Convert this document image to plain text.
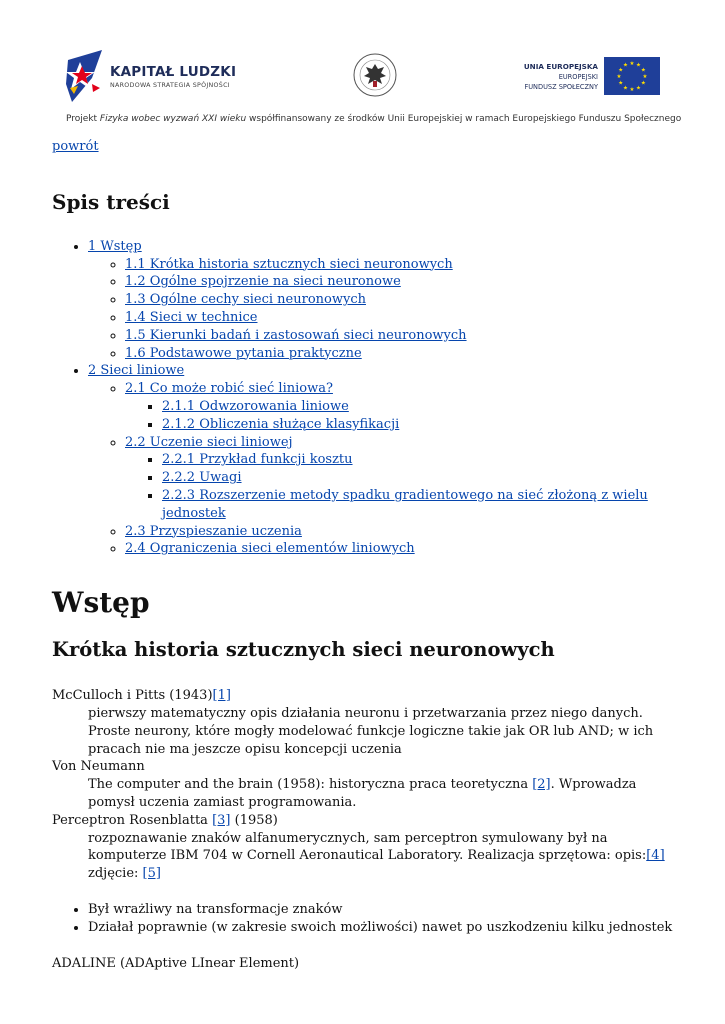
KAPITAŁ LUDZKI
NARODOWA STRATEGIA SPÓJNOŚCI
UNIA EUROPEJSKA
EUROPEJSKI
FUNDUSZ SPOŁECZNY
★ ★
★
★
★
★
★
★
★
★
★
★
Projekt Fizyka wobec wyzwań XXI wieku współfinansowany ze środków Unii Europejskiej w ramach Europejskiego Funduszu Społecznego
powrót
Spis treści
• 1 Wstęp
◦ 1.1 Krótka historia sztucznych sieci neuronowych
◦ 1.2 Ogólne spojrzenie na sieci neuronowe
◦ 1.3 Ogólne cechy sieci neuronowych
◦ 1.4 Sieci w technice
◦ 1.5 Kierunki badań i zastosowań sieci neuronowych
◦ 1.6 Podstawowe pytania praktyczne
• 2 Sieci liniowe
◦ 2.1 Co może robić sieć liniowa?
▪ 2.1.1 Odwzorowania liniowe
▪ 2.1.2 Obliczenia służące klasyfikacji
◦ 2.2 Uczenie sieci liniowej
▪ 2.2.1 Przykład funkcji kosztu
▪ 2.2.2 Uwagi
▪ 2.2.3 Rozszerzenie metody spadku gradientowego na sieć złożoną z wielu jednostek
◦ 2.3 Przyspieszanie uczenia
◦ 2.4 Ograniczenia sieci elementów liniowych
Wstęp
Krótka historia sztucznych sieci neuronowych
McCulloch i Pitts (1943)[1]
pierwszy matematyczny opis działania neuronu i przetwarzania przez niego danych. Proste neurony, które mogły modelować funkcje logiczne takie jak OR lub AND; w ich pracach nie ma jeszcze opisu koncepcji uczenia
Von Neumann
The computer and the brain (1958): historyczna praca teoretyczna [2]. Wprowadza pomysł uczenia zamiast programowania.
Perceptron Rosenblatta [3] (1958)
rozpoznawanie znaków alfanumerycznych, sam perceptron symulowany był na komputerze IBM 704 w Cornell Aeronautical Laboratory. Realizacja sprzętowa: opis:[4] zdjęcie: [5]
• Był wrażliwy na transformacje znaków
• Działał poprawnie (w zakresie swoich możliwości) nawet po uszkodzeniu kilku jednostek

ADALINE (ADAptive LInear Element)
